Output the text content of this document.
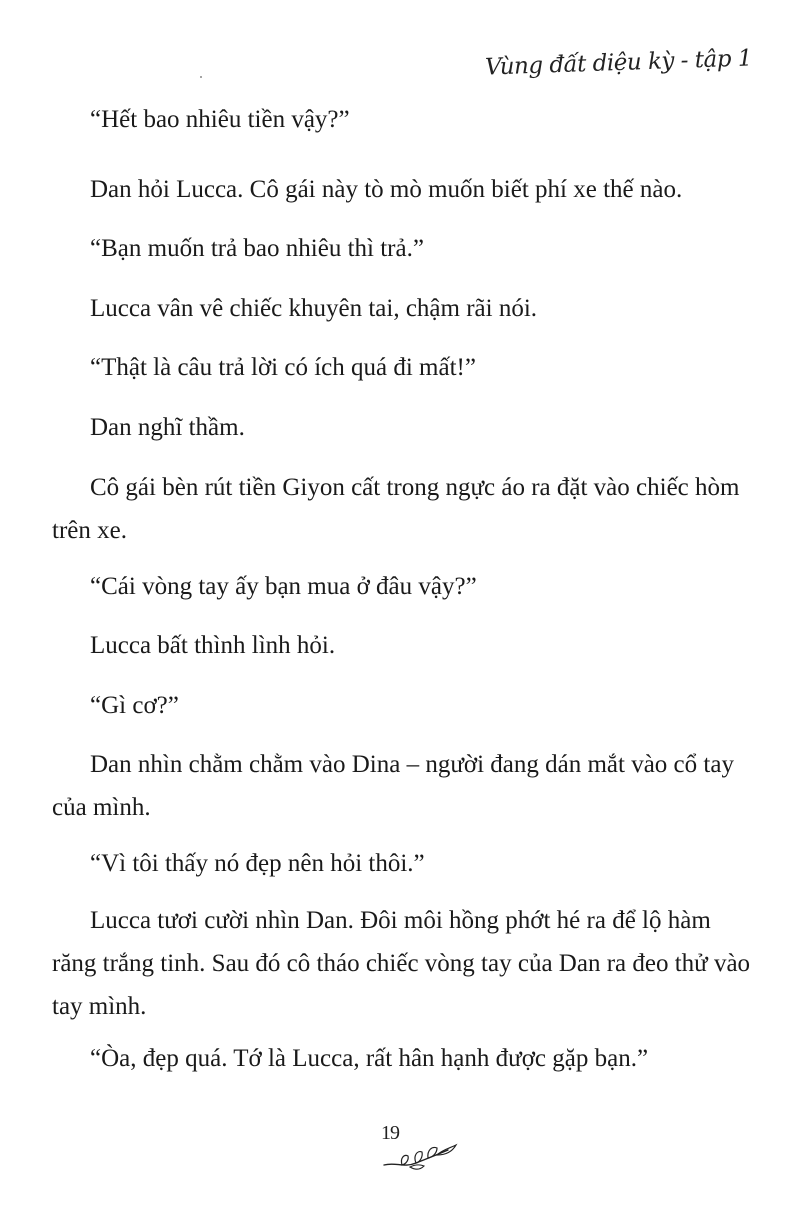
Vùng đất diệu kỳ - tập 1

“Hết bao nhiêu tiền vậy?”

Dan hỏi Lucca. Cô gái này tò mò muốn biết phí xe thế nào.

“Bạn muốn trả bao nhiêu thì trả.”

Lucca vân vê chiếc khuyên tai, chậm rãi nói.

“Thật là câu trả lời có ích quá đi mất!”

Dan nghĩ thầm.

Cô gái bèn rút tiền Giyon cất trong ngực áo ra đặt vào chiếc hòm trên xe.

“Cái vòng tay ấy bạn mua ở đâu vậy?”

Lucca bất thình lình hỏi.

“Gì cơ?”

Dan nhìn chằm chằm vào Dina – người đang dán mắt vào cổ tay của mình.

“Vì tôi thấy nó đẹp nên hỏi thôi.”

Lucca tươi cười nhìn Dan. Đôi môi hồng phớt hé ra để lộ hàm răng trắng tinh. Sau đó cô tháo chiếc vòng tay của Dan ra đeo thử vào tay mình.

“Òa, đẹp quá. Tớ là Lucca, rất hân hạnh được gặp bạn.”

19
